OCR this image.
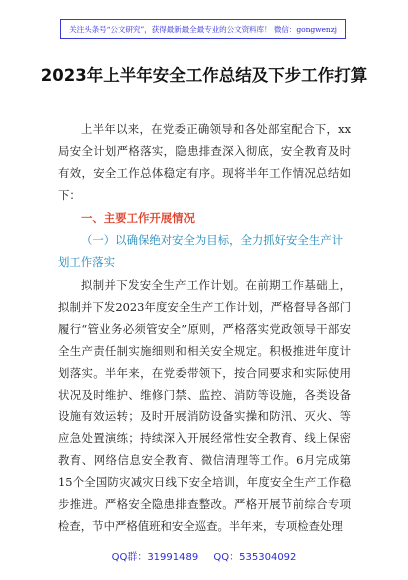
关注头条号“公文研究”，获得最新最全最专业的公文资料库！ 微信：gongwenzj
2023年上半年安全工作总结及下步工作打算
上半年以来，在党委正确领导和各处部室配合下，xx局安全计划严格落实，隐患排查深入彻底，安全教育及时有效，安全工作总体稳定有序。现将半年工作情况总结如下：
一、主要工作开展情况
（一）以确保绝对安全为目标，全力抓好安全生产计划工作落实
拟制并下发安全生产工作计划。在前期工作基础上，拟制并下发2023年度安全生产工作计划，严格督导各部门履行“管业务必须管安全”原则，严格落实党政领导干部安全生产责任制实施细则和相关安全规定。积极推进年度计划落实。半年来，在党委带领下，按合同要求和实际使用状况及时维护、维修门禁、监控、消防等设施，各类设备设施有效运转；及时开展消防设备实操和防汛、灭火、等应急处置演练；持续深入开展经常性安全教育、线上保密教育、网络信息安全教育、微信清理等工作。6月完成第15个全国防灾减灾日线下安全培训，年度安全生产工作稳步推进。严格安全隐患排查整改。严格开展节前综合专项检查，节中严格值班和安全巡查。半年来，专项检查处理
QQ群：31991489 QQ：535304092
